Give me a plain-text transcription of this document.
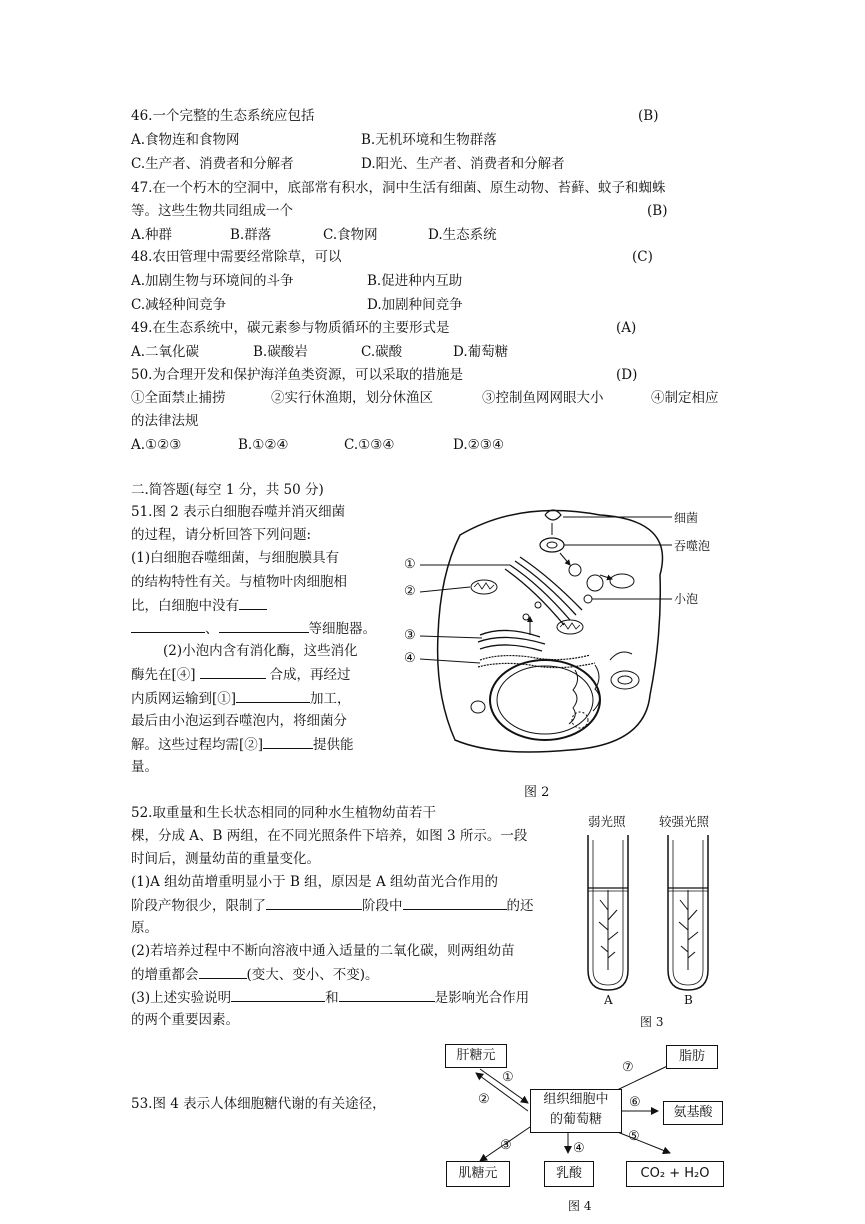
46.一个完整的生态系统应包括	(B)
A.食物连和食物网	B.无机环境和生物群落
C.生产者、消费者和分解者	D.阳光、生产者、消费者和分解者
47.在一个朽木的空洞中，底部常有积水，洞中生活有细菌、原生动物、苔藓、蚊子和蜘蛛
等。这些生物共同组成一个	(B)
A.种群	B.群落	C.食物网	D.生态系统
48.农田管理中需要经常除草，可以	(C)
A.加剧生物与环境间的斗争	B.促进种内互助
C.减轻种间竞争	D.加剧种间竞争
49.在生态系统中，碳元素参与物质循环的主要形式是	(A)
A.二氧化碳	B.碳酸岩	C.碳酸	D.葡萄糖
50.为合理开发和保护海洋鱼类资源，可以采取的措施是	(D)
①全面禁止捕捞	②实行休渔期，划分休渔区	③控制鱼网网眼大小	④制定相应
的法律法规
A.①②③	B.①②④	C.①③④	D.②③④
二.简答题(每空 1 分，共 50 分)
51.图 2 表示白细胞吞噬并消灭细菌
的过程，请分析回答下列问题:
(1)白细胞吞噬细菌，与细胞膜具有
的结构特性有关。与植物叶肉细胞相
比，白细胞中没有
、	等细胞器。
(2)小泡内含有消化酶，这些消化
酶先在[④]	合成，再经过
内质网运输到[①]	加工，
最后由小泡运到吞噬泡内，将细菌分
解。这些过程均需[②]	提供能
量。
①
②
③
④
细菌
吞噬泡
小泡
图 2
52.取重量和生长状态相同的同种水生植物幼苗若干
棵，分成 A、B 两组，在不同光照条件下培养，如图 3 所示。一段
时间后，测量幼苗的重量变化。
(1)A 组幼苗增重明显小于 B 组，原因是 A 组幼苗光合作用的
阶段产物很少，限制了	阶段中	的还
原。
(2)若培养过程中不断向溶液中通入适量的二氧化碳，则两组幼苗
的增重都会	(变大、变小、不变)。
(3)上述实验说明	和	是影响光合作用
的两个重要因素。
弱光照	较强光照
A	B
图 3
53.图 4 表示人体细胞糖代谢的有关途径，
肝糖元
组织细胞中
的葡萄糖
脂肪
氨基酸
肌糖元	乳酸	CO₂ + H₂O
①
②
③	④
⑤
⑥
⑦
图 4
